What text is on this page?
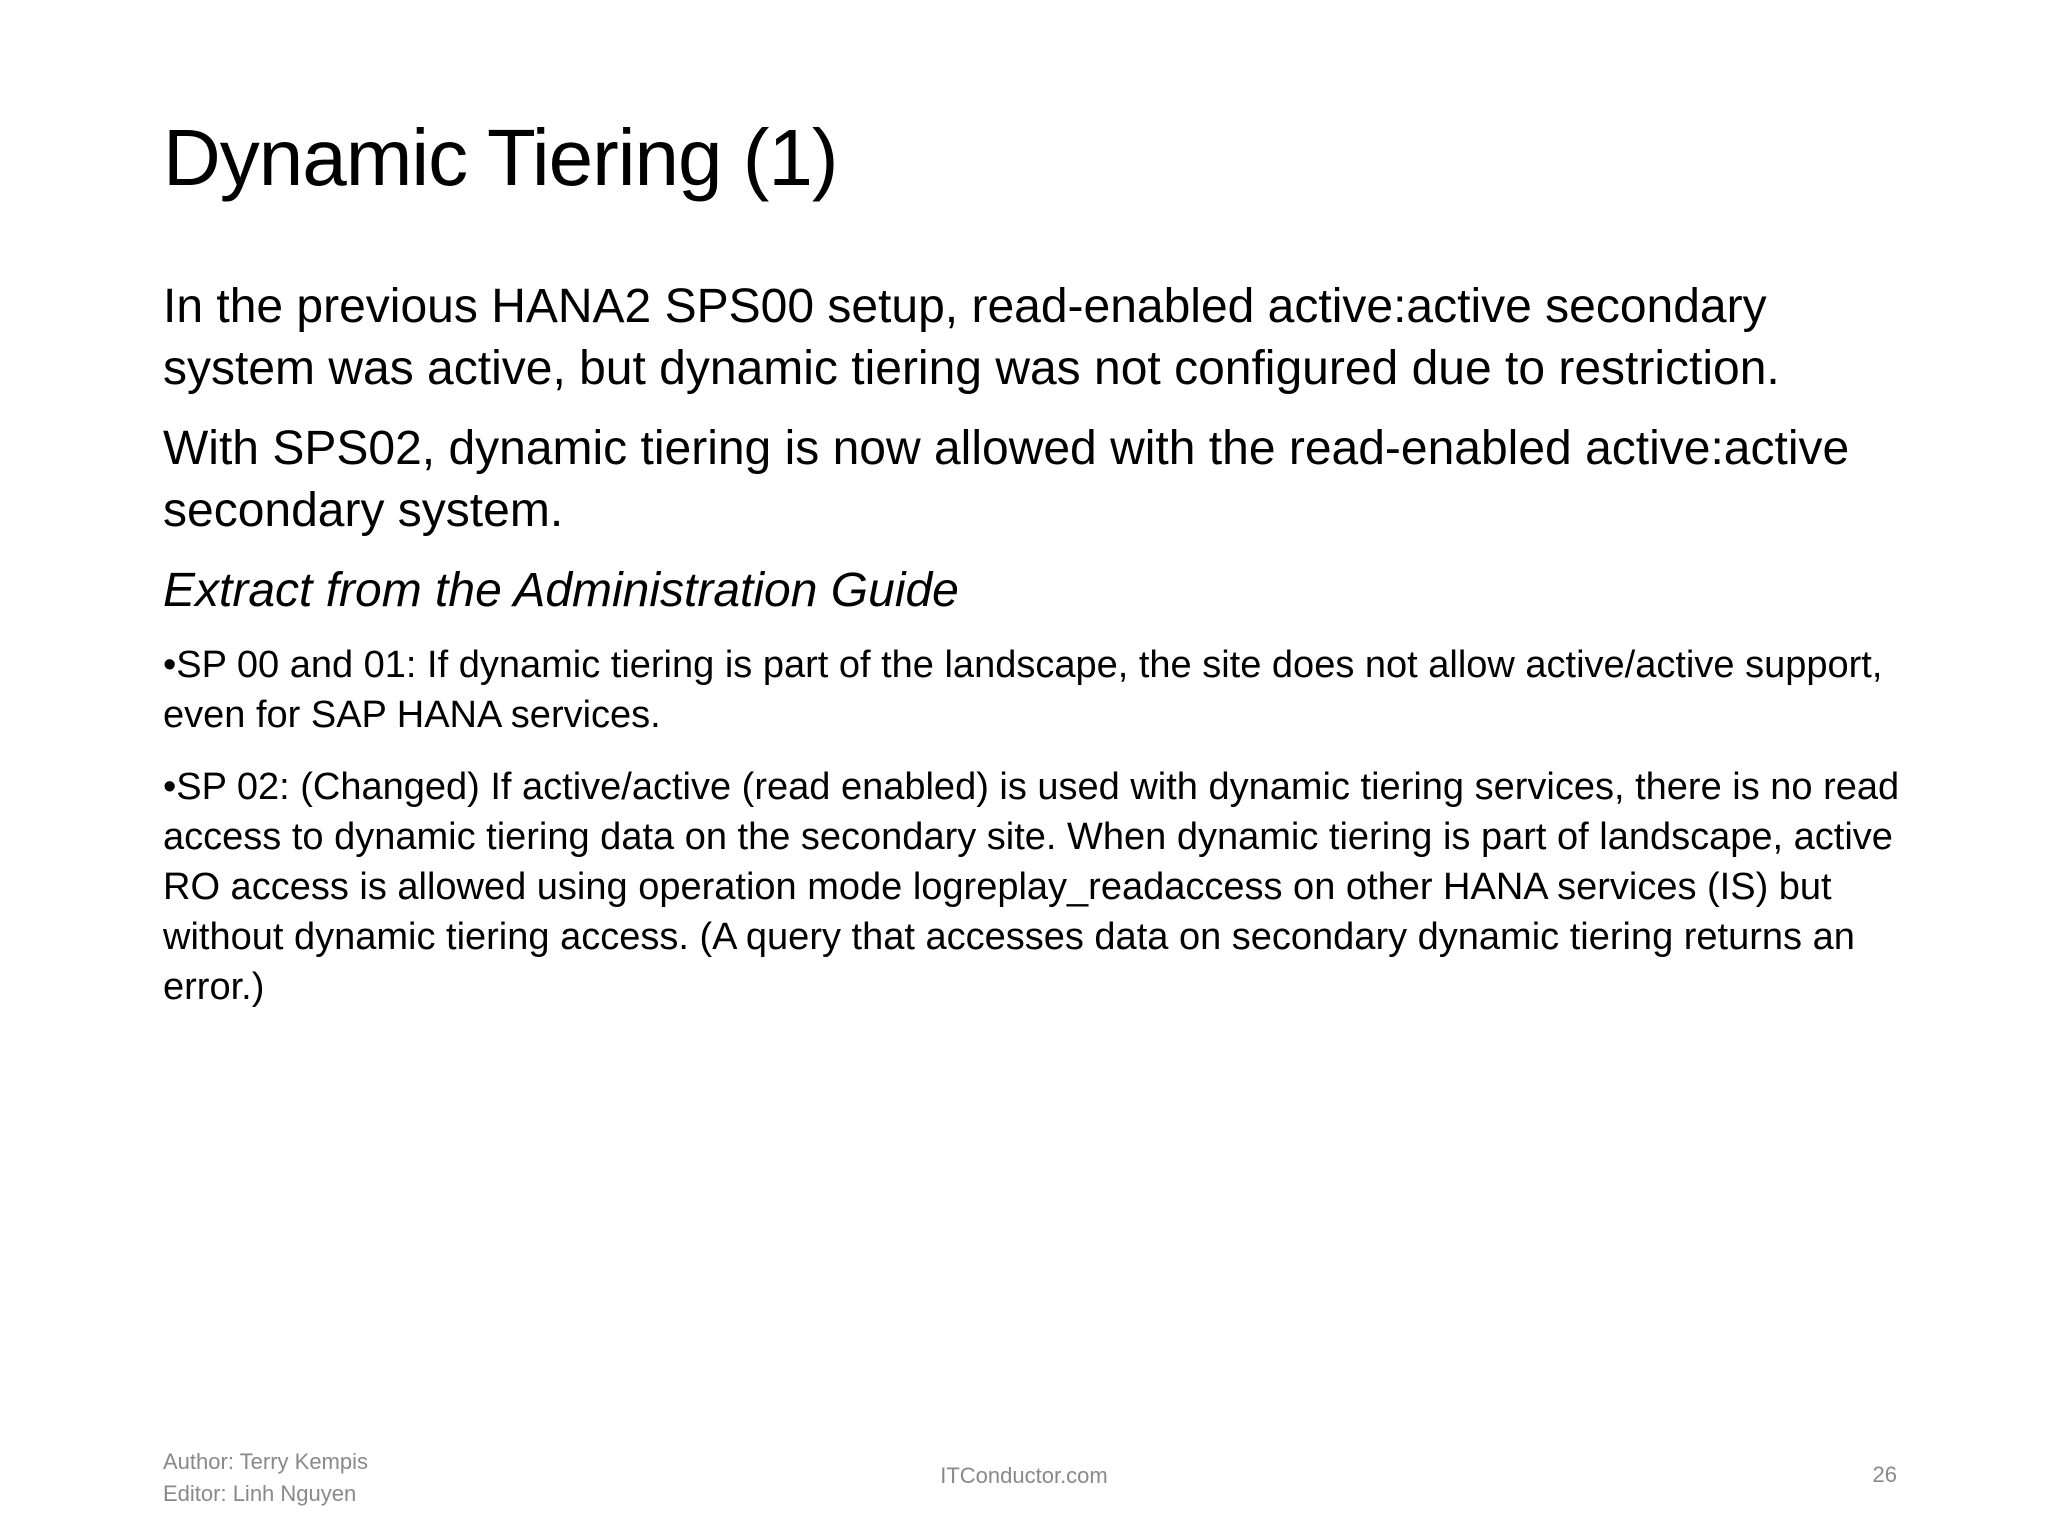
Dynamic Tiering (1)

In the previous HANA2 SPS00 setup, read-enabled active:active secondary system was active, but dynamic tiering was not configured due to restriction.

With SPS02, dynamic tiering is now allowed with the read-enabled active:active secondary system.

Extract from the Administration Guide

•SP 00 and 01: If dynamic tiering is part of the landscape, the site does not allow active/active support, even for SAP HANA services.

•SP 02: (Changed) If active/active (read enabled) is used with dynamic tiering services, there is no read access to dynamic tiering data on the secondary site. When dynamic tiering is part of landscape, active RO access is allowed using operation mode logreplay_readaccess on other HANA services (IS) but without dynamic tiering access. (A query that accesses data on secondary dynamic tiering returns an error.)

Author: Terry Kempis
Editor: Linh Nguyen
ITConductor.com	26
